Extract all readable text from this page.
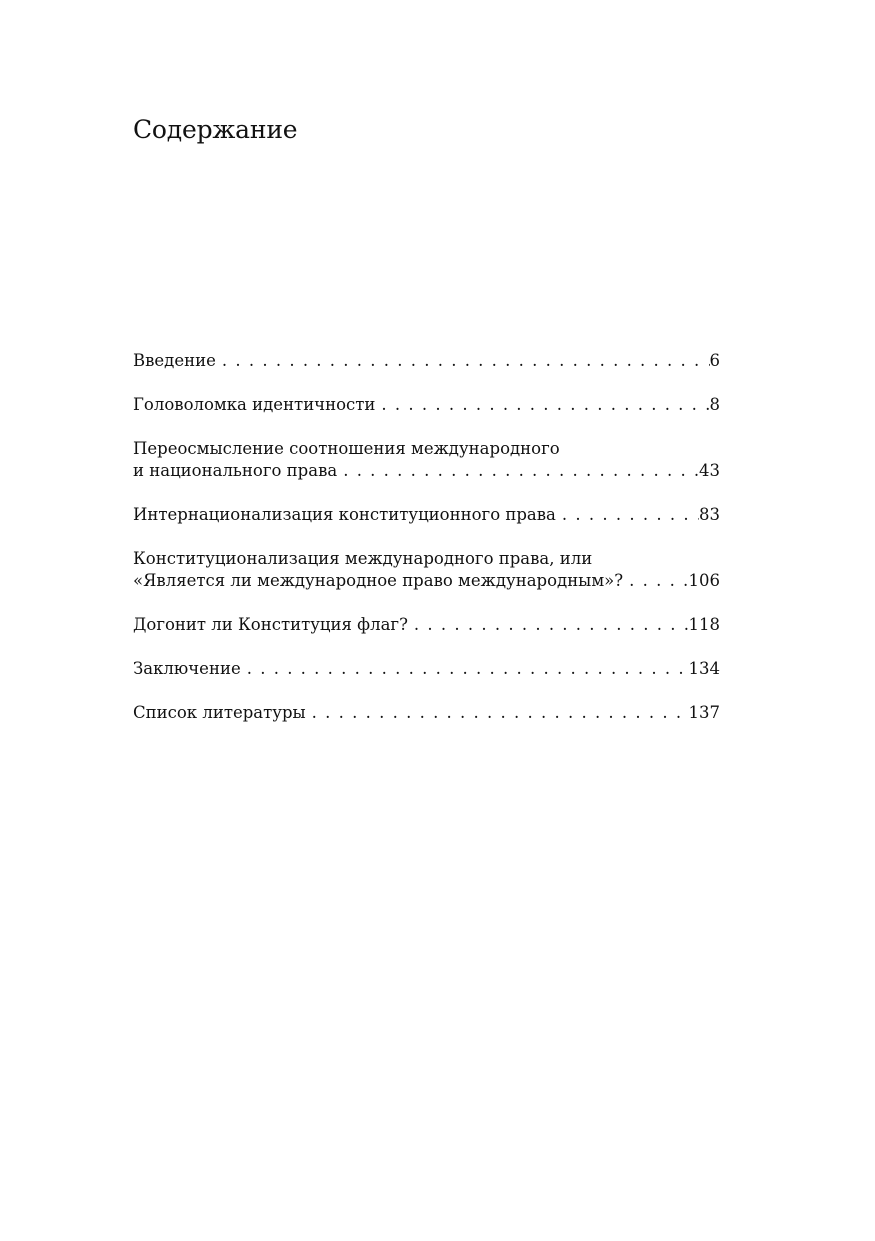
Содержание
Введение . . .	6
Головоломка идентичности . . .	8
Переосмысление соотношения международного
и национального права . . .	43
Интернационализация конституционного права . . .	83
Конституционализация международного права, или
«Является ли международное право международным»? . . .	106
Догонит ли Конституция флаг? . . .	118
Заключение . . .	134
Список литературы . . .	137
